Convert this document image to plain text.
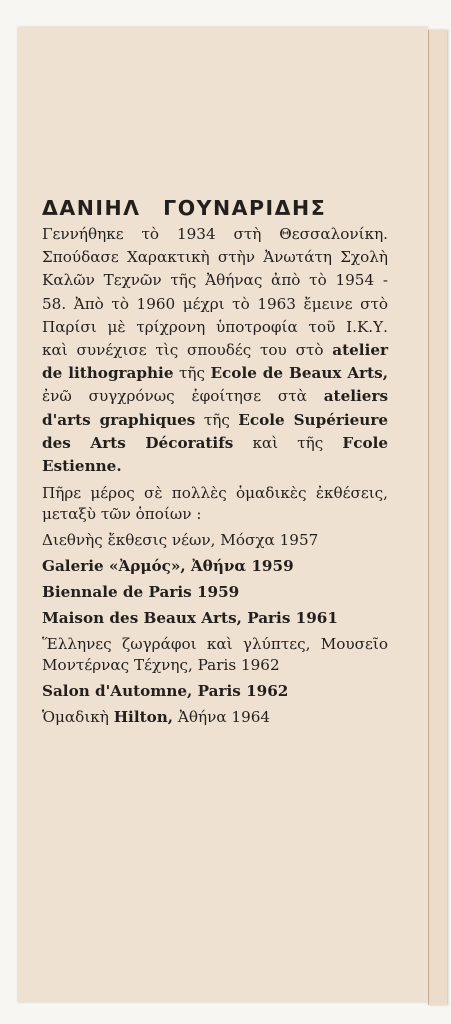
ΔΑΝΙΗΛ ΓΟΥΝΑΡΙΔΗΣ

Γεννήθηκε τὸ 1934 στὴ Θεσσαλονίκη. Σπούδασε Χαρακτικὴ στὴν Ἀνωτάτη Σχολὴ Καλῶν Τεχνῶν τῆς Ἀθήνας ἀπὸ τὸ 1954 - 58. Ἀπὸ τὸ 1960 μέχρι τὸ 1963 ἔμεινε στὸ Παρίσι μὲ τρίχρονη ὑποτροφία τοῦ Ι.Κ.Υ. καὶ συνέχισε τὶς σπουδές του στὸ atelier de lithographie τῆς Ecole de Beaux Arts, ἐνῶ συγχρόνως ἐφοίτησε στὰ ateliers d'arts graphiques τῆς Ecole Supérieure des Arts Décoratifs καὶ τῆς Fcole Estienne.

Πῆρε μέρος σὲ πολλὲς ὁμαδικὲς ἐκθέσεις, μεταξὺ τῶν ὁποίων :

Διεθνὴς ἔκθεσις νέων, Μόσχα 1957

Galerie «Ἀρμός», Ἀθήνα 1959

Biennale de Paris 1959

Maison des Beaux Arts, Paris 1961

Ἕλληνες ζωγράφοι καὶ γλύπτες, Μουσεῖο Μοντέρνας Τέχνης, Paris 1962

Salon d'Automne, Paris 1962

Ὁμαδικὴ Hilton, Ἀθήνα 1964
